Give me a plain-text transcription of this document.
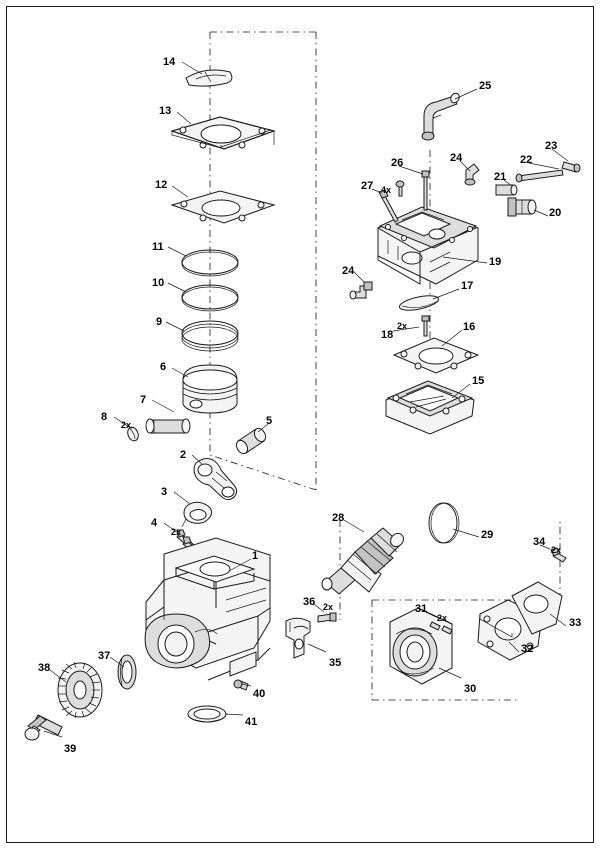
14
13
12
11
10
9
6
7
8	5
2
3
4
1
25
23
22
26	24
21
27
20
19
24
17
18
16
15
28
29
34
31
33
32
36
35
30
37
38
39
40
41
4x
2x
2x
2x
2x
2x
2x
